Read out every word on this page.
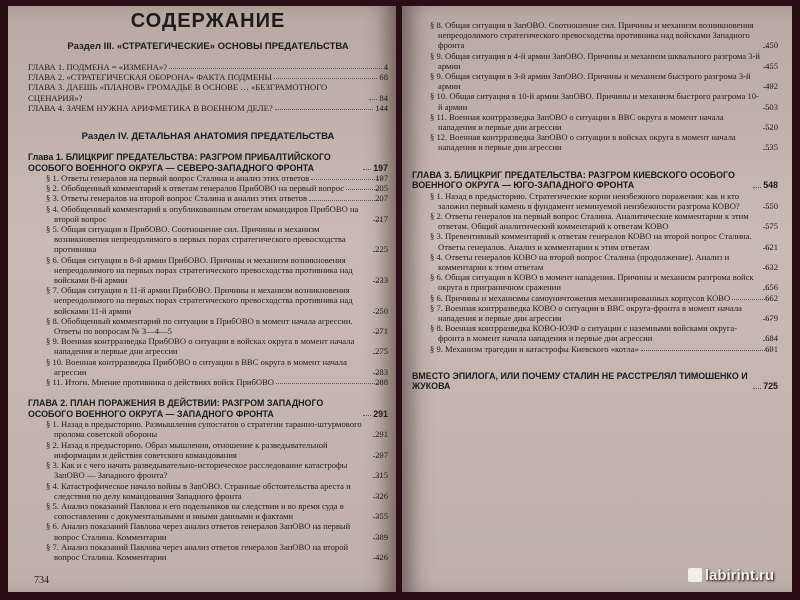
СОДЕРЖАНИЕ
Раздел III. «СТРАТЕГИЧЕСКИЕ» ОСНОВЫ ПРЕДАТЕЛЬСТВА
ГЛАВА 1. ПОДМЕНА = «ИЗМЕНА»?	4
ГЛАВА 2. «СТРАТЕГИЧЕСКАЯ ОБОРОНА» ФАКТА ПОДМЕНЫ	68
ГЛАВА 3. ДАЕШЬ «ПЛАНОВ» ГРОМАДЬЕ В ОСНОВЕ … «БЕЗГРАМОТНОГО СЦЕНАРИЯ»?	84
ГЛАВА 4. ЗАЧЕМ НУЖНА АРИФМЕТИКА В ВОЕННОМ ДЕЛЕ?	144
Раздел IV. ДЕТАЛЬНАЯ АНАТОМИЯ ПРЕДАТЕЛЬСТВА
Глава 1. БЛИЦКРИГ ПРЕДАТЕЛЬСТВА: РАЗГРОМ ПРИБАЛТИЙСКОГО ОСОБОГО ВОЕННОГО ОКРУГА — СЕВЕРО-ЗАПАДНОГО ФРОНТА	197
§ 1. Ответы генералов на первый вопрос Сталина и анализ этих ответов	197
§ 2. Обобщенный комментарий к ответам генералов ПрибОВО на первый вопрос	205
§ 3. Ответы генералов на второй вопрос Сталина и анализ этих ответов	207
§ 4. Обобщенный комментарий к опубликованным ответам командиров ПрибОВО на второй вопрос	217
§ 5. Общая ситуация в ПрибОВО. Соотношение сил. Причины и механизм возникновения непреодолимого в первых порах стратегического превосходства противника	225
§ 6. Общая ситуация в 8-й армии ПрибОВО. Причины и механизм возникновения непреодолимого на первых порах стратегического превосходства противника над войсками 8-й армии	233
§ 7. Общая ситуация в 11-й армии ПрибОВО. Причины и механизм возникновения непреодолимого на первых порах стратегического превосходства противника над войсками 11-й армии	250
§ 8. Обобщенный комментарий по ситуации в ПрибОВО в момент начала агрессии. Ответы по вопросам № 3—4—5	271
§ 9. Военная контрразведка ПрибОВО о ситуации в войсках округа в момент начала нападения и первые дни агрессии	275
§ 10. Военная контрразведка ПрибОВО о ситуации в ВВС округа в момент начала агрессии	283
§ 11. Итоги. Мнение противника о действиях войск ПрибОВО	288
ГЛАВА 2. ПЛАН ПОРАЖЕНИЯ В ДЕЙСТВИИ: РАЗГРОМ ЗАПАДНОГО ОСОБОГО ВОЕННОГО ОКРУГА — ЗАПАДНОГО ФРОНТА	291
§ 1. Назад в предысторию. Размышления супостатов о стратегии таранно-штурмового пролома советской обороны	291
§ 2. Назад в предысторию. Образ мышления, отношение к разведывательной информации и действия советского командования	297
§ 3. Как и с чего начать разведывательно-историческое расследование катастрофы ЗапОВО — Западного фронта?	315
§ 4. Катастрофическое начало войны в ЗапОВО. Странные обстоятельства ареста и следствия по делу командования Западного фронта	326
§ 5. Анализ показаний Павлова и его подельников на следствии и во время суда в сопоставлении с документальными и иными данными и фактами	355
§ 6. Анализ показаний Павлова через анализ ответов генералов ЗапОВО на первый вопрос Сталина. Комментарии	389
§ 7. Анализ показаний Павлова через анализ ответов генералов ЗапОВО на второй вопрос Сталина. Комментарии	426
734
§ 8. Общая ситуация в ЗапОВО. Соотношение сил. Причины и механизм возникновения непреодолимого стратегического превосходства противника над войсками Западного фронта	450
§ 9. Общая ситуация в 4-й армии ЗапОВО. Причины и механизм шквального разгрома 3-й армии	455
§ 9. Общая ситуация в 3-й армии ЗапОВО. Причины и механизм быстрого разгрома 3-й армии	492
§ 10. Общая ситуация в 10-й армии ЗапОВО. Причины и механизм быстрого разгрома 10-й армии	503
§ 11. Военная контрразведка ЗапОВО о ситуации в ВВС округа в момент начала нападения и первые дни агрессии	520
§ 12. Военная контрразведка ЗапОВО о ситуации в войсках округа в момент начала нападения и первые дни агрессии	535
ГЛАВА 3. БЛИЦКРИГ ПРЕДАТЕЛЬСТВА: РАЗГРОМ КИЕВСКОГО ОСОБОГО ВОЕННОГО ОКРУГА — ЮГО-ЗАПАДНОГО ФРОНТА	548
§ 1. Назад в предысторию. Стратегические корни неизбежного поражения: как и кто заложил первый камень в фундамент неминуемой неизбежности разгрома КОВО?	550
§ 2. Ответы генералов на первый вопрос Сталина. Аналитические комментарии к этим ответам. Общий аналитический комментарий к ответам КОВО	575
§ 3. Превентивный комментарий к ответам генералов КОВО на второй вопрос Сталина. Ответы генералов. Анализ и комментарии к этим ответам	621
§ 4. Ответы генералов КОВО на второй вопрос Сталина (продолжение). Анализ и комментарии к этим ответам	632
§ 6. Общая ситуация в КОВО в момент нападения. Причины и механизм разгрома войск округа в приграничном сражении	656
§ 6. Причины и механизмы самоуничтожения механизированных корпусов КОВО	662
§ 7. Военная контрразведка КОВО о ситуации в ВВС округа-фронта в момент начала нападения и первые дни агрессии	679
§ 8. Военная контрразведка КОВО-ЮЗФ о ситуации с наземными войсками округа-фронта в момент начала нападения и первые дни агрессии	684
§ 9. Механизм трагедии и катастрофы Киевского «котла»	691
ВМЕСТО ЭПИЛОГА, ИЛИ ПОЧЕМУ СТАЛИН НЕ РАССТРЕЛЯЛ ТИМОШЕНКО И ЖУКОВА	725
labirint.ru
